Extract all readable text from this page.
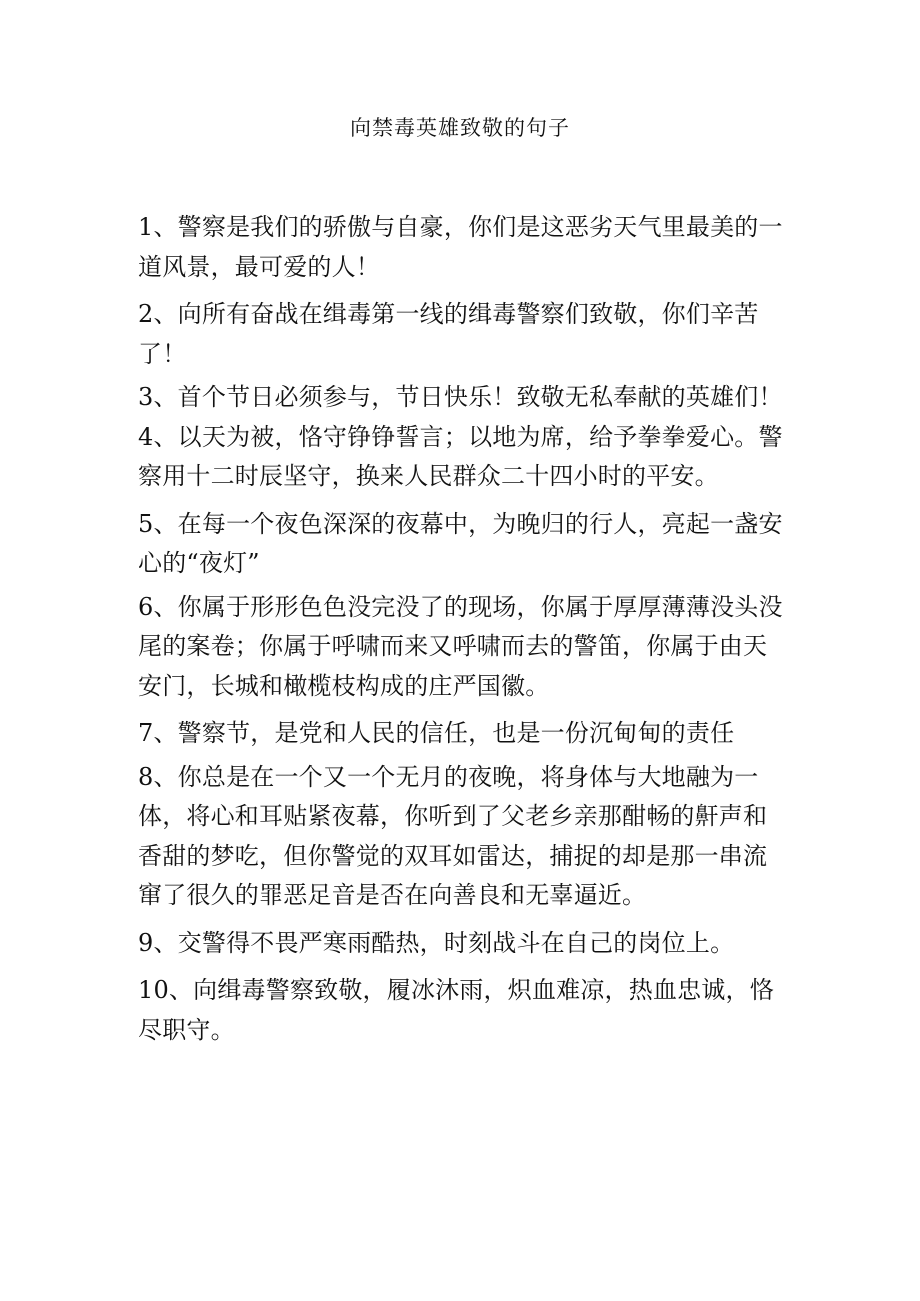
向禁毒英雄致敬的句子

1、警察是我们的骄傲与自豪，你们是这恶劣天气里最美的一道风景，最可爱的人！

2、向所有奋战在缉毒第一线的缉毒警察们致敬，你们辛苦了！

3、首个节日必须参与，节日快乐！致敬无私奉献的英雄们！4、以天为被，恪守铮铮誓言；以地为席，给予拳拳爱心。警察用十二时辰坚守，换来人民群众二十四小时的平安。

5、在每一个夜色深深的夜幕中，为晚归的行人，亮起一盏安心的“夜灯”

6、你属于形形色色没完没了的现场，你属于厚厚薄薄没头没尾的案卷；你属于呼啸而来又呼啸而去的警笛，你属于由天安门，长城和橄榄枝构成的庄严国徽。

7、警察节，是党和人民的信任，也是一份沉甸甸的责任

8、你总是在一个又一个无月的夜晚，将身体与大地融为一体，将心和耳贴紧夜幕，你听到了父老乡亲那酣畅的鼾声和香甜的梦吃，但你警觉的双耳如雷达，捕捉的却是那一串流窜了很久的罪恶足音是否在向善良和无辜逼近。

9、交警得不畏严寒雨酷热，时刻战斗在自己的岗位上。

10、向缉毒警察致敬，履冰沐雨，炽血难凉，热血忠诚，恪尽职守。
